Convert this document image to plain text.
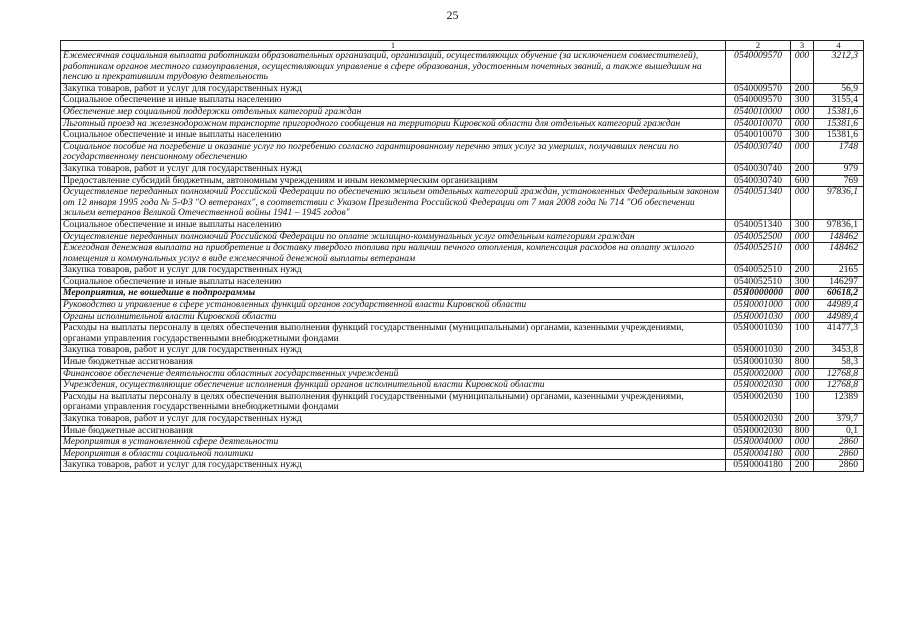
25
1	2	3	4
Ежемесячная социальная выплата работникам образовательных организаций, организаций, осуществляющих обучение (за исключением совместителей), работникам органов местного самоуправления, осуществляющих управление в сфере образования, удостоенным почетных званий, а также вышедшим на пенсию и прекратившим трудовую деятельность	0540009570	000	3212,3
Закупка товаров, работ и услуг для государственных нужд	0540009570	200	56,9
Социальное обеспечение и иные выплаты населению	0540009570	300	3155,4
Обеспечение мер социальной поддержки отдельных категорий граждан	0540010000	000	15381,6
Льготный проезд на железнодорожном транспорте пригородного сообщения на территории Кировской области для отдельных категорий граждан	0540010070	000	15381,6
Социальное обеспечение и иные выплаты населению	0540010070	300	15381,6
Социальное пособие на погребение и оказание услуг по погребению согласно гарантированному перечню этих услуг за умерших, получавших пенсии по государственному пенсионному обеспечению	0540030740	000	1748
Закупка товаров, работ и услуг для государственных нужд	0540030740	200	979
Предоставление субсидий бюджетным, автономным учреждениям и иным некоммерческим организациям	0540030740	600	769
Осуществление переданных полномочий Российской Федерации по обеспечению жильем отдельных категорий граждан, установленных Федеральным законом от 12 января 1995 года № 5-ФЗ "О ветеранах", в соответствии с Указом Президента Российской Федерации от 7 мая 2008 года № 714 "Об обеспечении жильем ветеранов Великой Отечественной войны 1941 – 1945 годов"	0540051340	000	97836,1
Социальное обеспечение и иные выплаты населению	0540051340	300	97836,1
Осуществление переданных полномочий Российской Федерации по оплате жилищно-коммунальных услуг отдельным категориям граждан	0540052500	000	148462
Ежегодная денежная выплата на приобретение и доставку твердого топлива при наличии печного отопления, компенсация расходов на оплату жилого помещения и коммунальных услуг в виде ежемесячной денежной выплаты ветеранам	0540052510	000	148462
Закупка товаров, работ и услуг для государственных нужд	0540052510	200	2165
Социальное обеспечение и иные выплаты населению	0540052510	300	146297
Мероприятия, не вошедшие в подпрограммы	05Я0000000	000	60618,2
Руководство и управление в сфере установленных функций органов государственной власти Кировской области	05Я0001000	000	44989,4
Органы исполнительной власти Кировской области	05Я0001030	000	44989,4
Расходы на выплаты персоналу в целях обеспечения выполнения функций государственными (муниципальными) органами, казенными учреждениями, органами управления государственными внебюджетными фондами	05Я0001030	100	41477,3
Закупка товаров, работ и услуг для государственных нужд	05Я0001030	200	3453,8
Иные бюджетные ассигнования	05Я0001030	800	58,3
Финансовое обеспечение деятельности областных государственных учреждений	05Я0002000	000	12768,8
Учреждения, осуществляющие обеспечение исполнения функций органов исполнительной власти Кировской области	05Я0002030	000	12768,8
Расходы на выплаты персоналу в целях обеспечения выполнения функций государственными (муниципальными) органами, казенными учреждениями, органами управления государственными внебюджетными фондами	05Я0002030	100	12389
Закупка товаров, работ и услуг для государственных нужд	05Я0002030	200	379,7
Иные бюджетные ассигнования	05Я0002030	800	0,1
Мероприятия в установленной сфере деятельности	05Я0004000	000	2860
Мероприятия в области социальной политики	05Я0004180	000	2860
Закупка товаров, работ и услуг для государственных нужд	05Я0004180	200	2860
